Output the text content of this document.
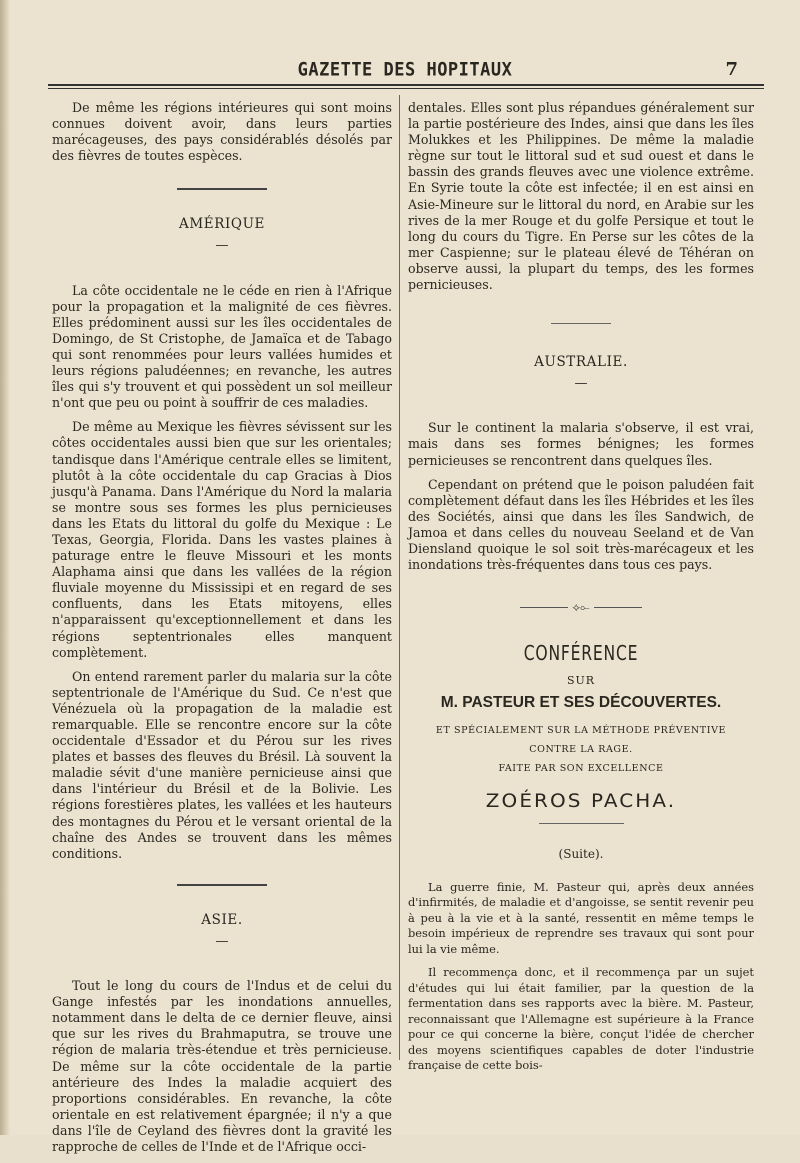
GAZETTE DES HOPITAUX	7

De même les régions intérieures qui sont moins connues doivent avoir, dans leurs parties marécageuses, des pays considérablés désolés par des fièvres de toutes espèces.

AMÉRIQUE

—

La côte occidentale ne le céde en rien à l'Afrique pour la propagation et la malignité de ces fièvres. Elles prédominent aussi sur les îles occidentales de Domingo, de St Cristophe, de Jamaïca et de Tabago qui sont renommées pour leurs vallées humides et leurs régions paludéennes; en revanche, les autres îles qui s'y trouvent et qui possèdent un sol meilleur n'ont que peu ou point à souffrir de ces maladies.

De même au Mexique les fièvres sévissent sur les côtes occidentales aussi bien que sur les orientales; tandisque dans l'Amérique centrale elles se limitent, plutôt à la côte occidentale du cap Gracias à Dios jusqu'à Panama. Dans l'Amérique du Nord la malaria se montre sous ses formes les plus pernicieuses dans les Etats du littoral du golfe du Mexique : Le Texas, Georgia, Florida. Dans les vastes plaines à paturage entre le fleuve Missouri et les monts Alaphama ainsi que dans les vallées de la région fluviale moyenne du Mississipi et en regard de ses confluents, dans les Etats mitoyens, elles n'apparaissent qu'exceptionnellement et dans les régions septentrionales elles manquent complètement.

On entend rarement parler du malaria sur la côte septentrionale de l'Amérique du Sud. Ce n'est que Vénézuela où la propagation de la maladie est remarquable. Elle se rencontre encore sur la côte occidentale d'Essador et du Pérou sur les rives plates et basses des fleuves du Brésil. Là souvent la maladie sévit d'une manière pernicieuse ainsi que dans l'intérieur du Brésil et de la Bolivie. Les régions forestières plates, les vallées et les hauteurs des montagnes du Pérou et le versant oriental de la chaîne des Andes se trouvent dans les mêmes conditions.

ASIE.

—

Tout le long du cours de l'Indus et de celui du Gange infestés par les inondations annuelles, notamment dans le delta de ce dernier fleuve, ainsi que sur les rives du Brahmaputra, se trouve une région de malaria très-étendue et très pernicieuse. De même sur la côte occidentale de la partie antérieure des Indes la maladie acquiert des proportions considérables. En revanche, la côte orientale en est relativement épargnée; il n'y a que dans l'île de Ceyland des fièvres dont la gravité les rapproche de celles de l'Inde et de l'Afrique occi-

dentales. Elles sont plus répandues généralement sur la partie postérieure des Indes, ainsi que dans les îles Molukkes et les Philippines. De même la maladie règne sur tout le littoral sud et sud ouest et dans le bassin des grands fleuves avec une violence extrême. En Syrie toute la côte est infectée; il en est ainsi en Asie-Mineure sur le littoral du nord, en Arabie sur les rives de la mer Rouge et du golfe Persique et tout le long du cours du Tigre. En Perse sur les côtes de la mer Caspienne; sur le plateau élevé de Téhéran on observe aussi, la plupart du temps, des les formes pernicieuses.

AUSTRALIE.

—

Sur le continent la malaria s'observe, il est vrai, mais dans ses formes bénignes; les formes pernicieuses se rencontrent dans quelques îles.

Cependant on prétend que le poison paludéen fait complètement défaut dans les îles Hébrides et les îles des Sociétés, ainsi que dans les îles Sandwich, de Jamoa et dans celles du nouveau Seeland et de Van Diensland quoique le sol soit très-marécageux et les inondations très-fréquentes dans tous ces pays.

⟡⟜

CONFÉRENCE

SUR

M. PASTEUR ET SES DÉCOUVERTES.

ET SPÉCIALEMENT SUR LA MÉTHODE PRÉVENTIVE

CONTRE LA RAGE.

FAITE PAR SON EXCELLENCE

ZOÉROS PACHA.

(Suite).

La guerre finie, M. Pasteur qui, après deux années d'infirmités, de maladie et d'angoisse, se sentit revenir peu à peu à la vie et à la santé, ressentit en même temps le besoin impérieux de reprendre ses travaux qui sont pour lui la vie même.

Il recommença donc, et il recommença par un sujet d'études qui lui était familier, par la question de la fermentation dans ses rapports avec la bière. M. Pasteur, reconnaissant que l'Allemagne est supérieure à la France pour ce qui concerne la bière, conçut l'idée de chercher des moyens scientifiques capables de doter l'industrie française de cette bois-
